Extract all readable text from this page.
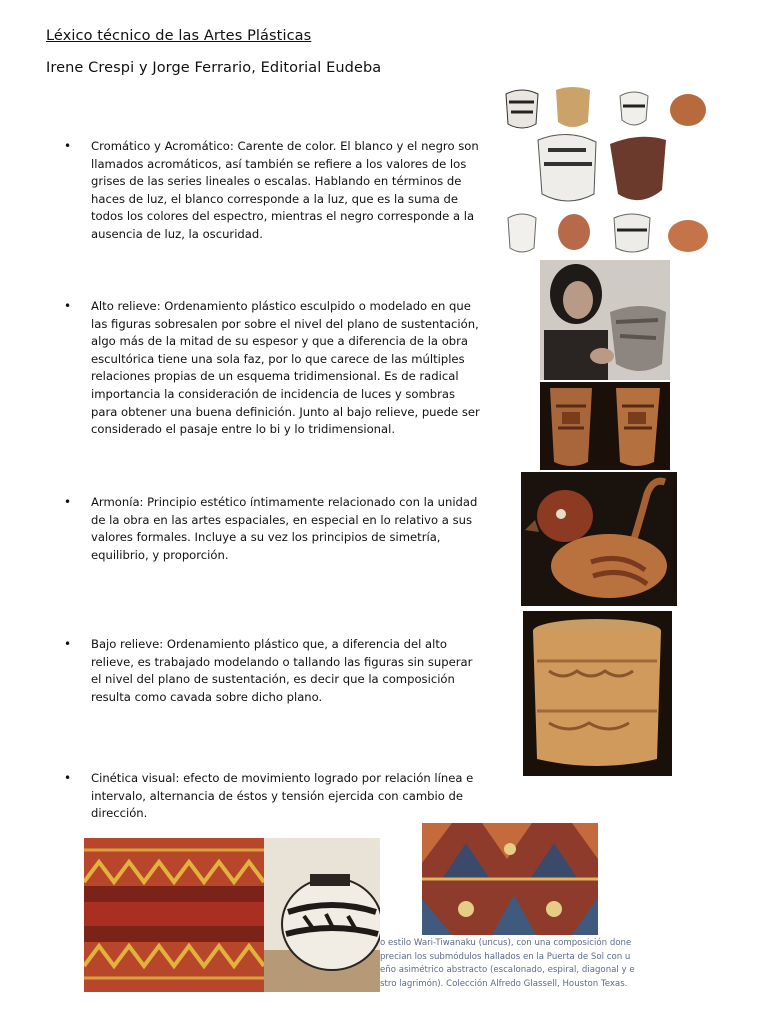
Léxico técnico de las Artes Plásticas
Irene Crespi y Jorge Ferrario, Editorial Eudeba
•	Cromático y Acromático: Carente de color. El blanco y el negro son llamados acromáticos, así también se refiere a los valores de los grises de las series lineales o escalas. Hablando en términos de haces de luz, el blanco corresponde a la luz, que es la suma de todos los colores del espectro, mientras el negro corresponde a la ausencia de luz, la oscuridad.

•	Alto relieve: Ordenamiento plástico esculpido o modelado en que las figuras sobresalen por sobre el nivel del plano de sustentación, algo más de la mitad de su espesor y que a diferencia de la obra escultórica tiene una sola faz, por lo que carece de las múltiples relaciones propias de un esquema tridimensional. Es de radical importancia la consideración de incidencia de luces y sombras para obtener una buena definición. Junto al bajo relieve, puede ser considerado el pasaje entre lo bi y lo tridimensional.

•	Armonía: Principio estético íntimamente relacionado con la unidad de la obra en las artes espaciales, en especial en lo relativo a sus valores formales. Incluye a su vez los principios de simetría, equilibrio, y proporción.

•	Bajo relieve: Ordenamiento plástico que, a diferencia del alto relieve, es trabajado modelando o tallando las figuras sin superar el nivel del plano de sustentación, es decir que la composición resulta como cavada sobre dicho plano.

•	Cinética visual: efecto de movimiento logrado por relación línea e intervalo, alternancia de éstos y tensión ejercida con cambio de dirección.

o estilo Wari-Tiwanaku (uncus), con una composición done
precian los submódulos hallados en la Puerta de Sol con u
eño asimétrico abstracto (escalonado, espiral, diagonal y e
stro lagrimón). Colección Alfredo Glassell, Houston Texas.
